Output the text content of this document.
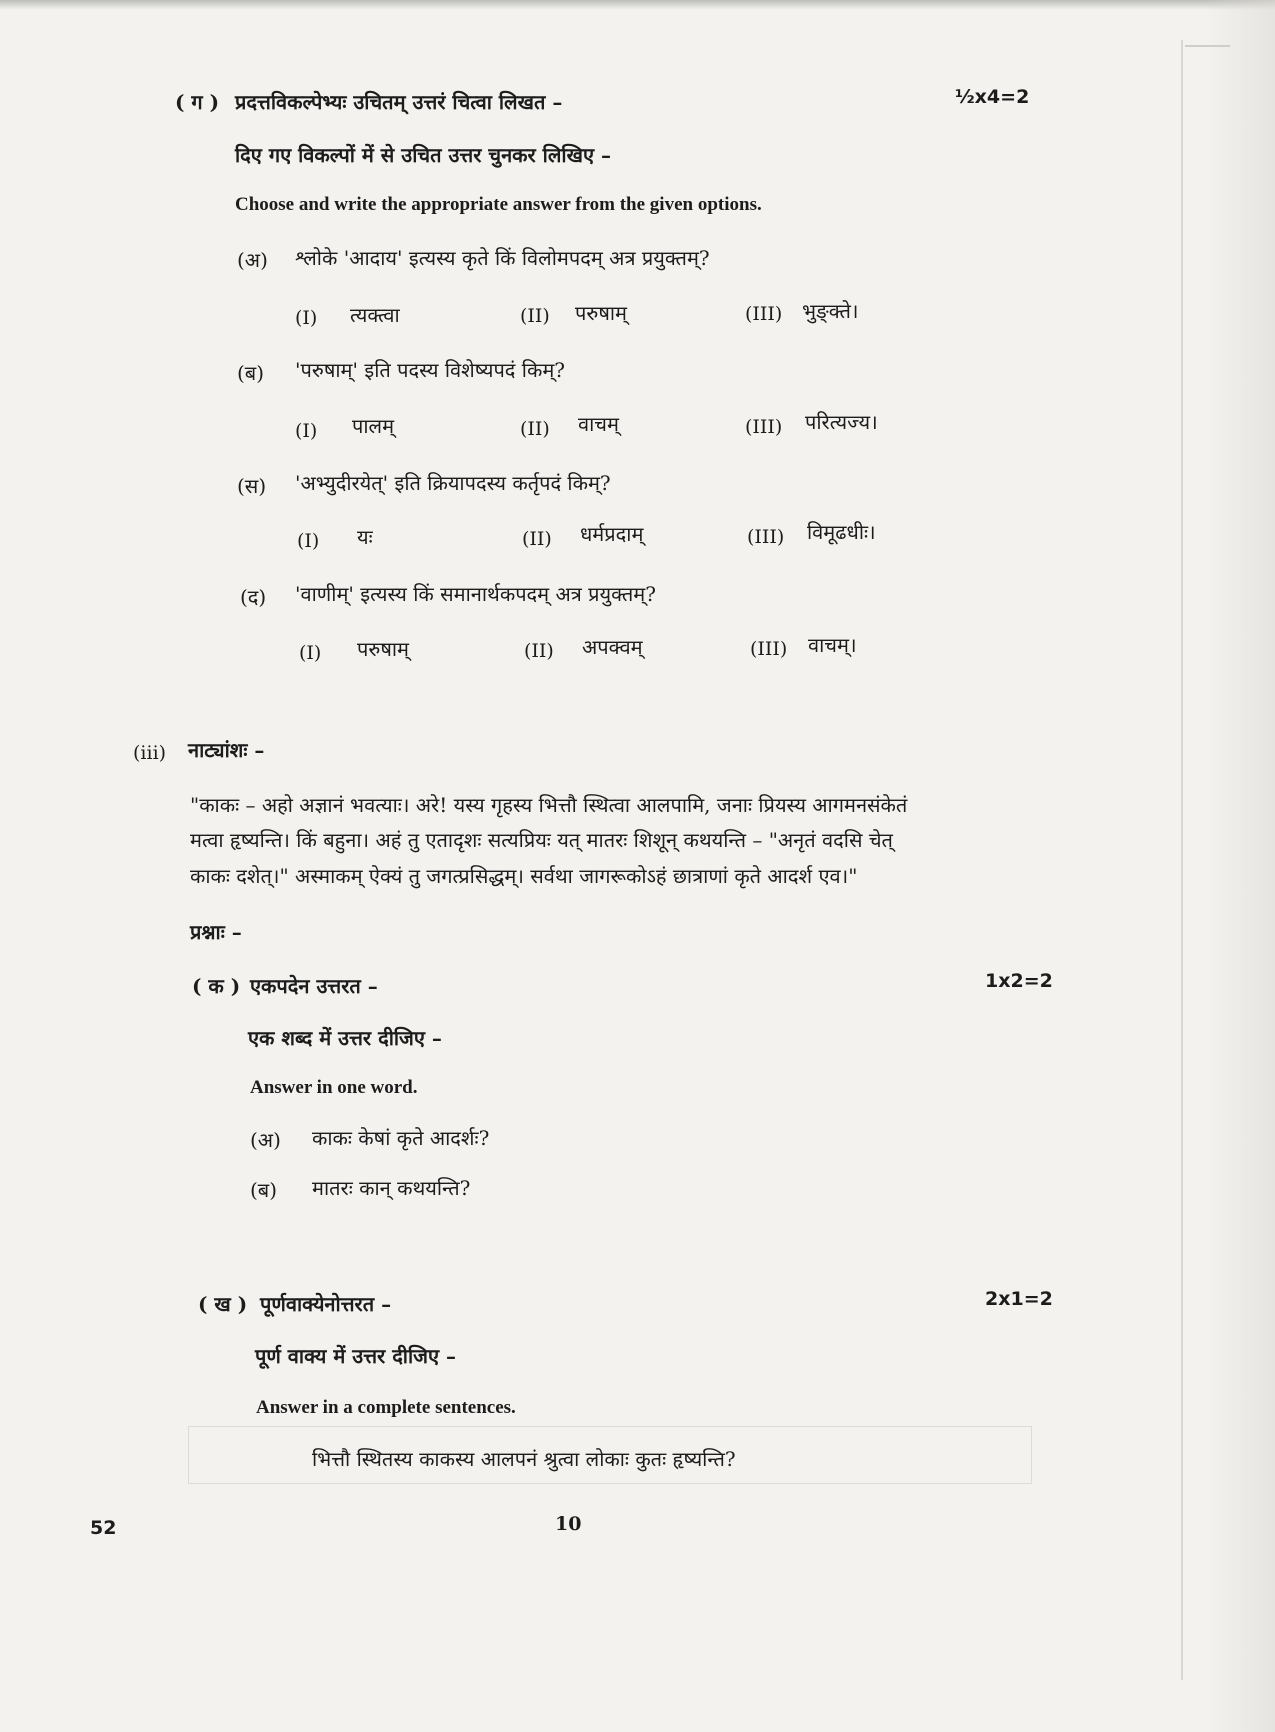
( ग ) प्रदत्तविकल्पेभ्यः उचितम् उत्तरं चित्वा लिखत –	½x4=2
दिए गए विकल्पों में से उचित उत्तर चुनकर लिखिए –
Choose and write the appropriate answer from the given options.
(अ) श्लोके 'आदाय' इत्यस्य कृते किं विलोमपदम् अत्र प्रयुक्तम्?
(I) त्यक्त्वा	(II) परुषाम्	(III) भुङ्क्ते।
(ब) 'परुषाम्' इति पदस्य विशेष्यपदं किम्?
(I) पालम्	(II) वाचम्	(III) परित्यज्य।
(स) 'अभ्युदीरयेत्' इति क्रियापदस्य कर्तृपदं किम्?
(I) यः	(II) धर्मप्रदाम्	(III) विमूढधीः।
(द) 'वाणीम्' इत्यस्य किं समानार्थकपदम् अत्र प्रयुक्तम्?
(I) परुषाम्	(II) अपक्वम्	(III) वाचम्।
(iii) नाट्यांशः –
"काकः – अहो अज्ञानं भवत्याः। अरे! यस्य गृहस्य भित्तौ स्थित्वा आलपामि, जनाः प्रियस्य आगमनसंकेतं
मत्वा हृष्यन्ति। किं बहुना। अहं तु एतादृशः सत्यप्रियः यत् मातरः शिशून् कथयन्ति – "अनृतं वदसि चेत्
काकः दशेत्।" अस्माकम् ऐक्यं तु जगत्प्रसिद्धम्। सर्वथा जागरूकोऽहं छात्राणां कृते आदर्श एव।"
प्रश्नाः –
( क ) एकपदेन उत्तरत –	1x2=2
एक शब्द में उत्तर दीजिए –
Answer in one word.
(अ) काकः केषां कृते आदर्शः?
(ब) मातरः कान् कथयन्ति?
( ख ) पूर्णवाक्येनोत्तरत –	2x1=2
पूर्ण वाक्य में उत्तर दीजिए –
Answer in a complete sentences.
भित्तौ स्थितस्य काकस्य आलपनं श्रुत्वा लोकाः कुतः हृष्यन्ति?
52	10
